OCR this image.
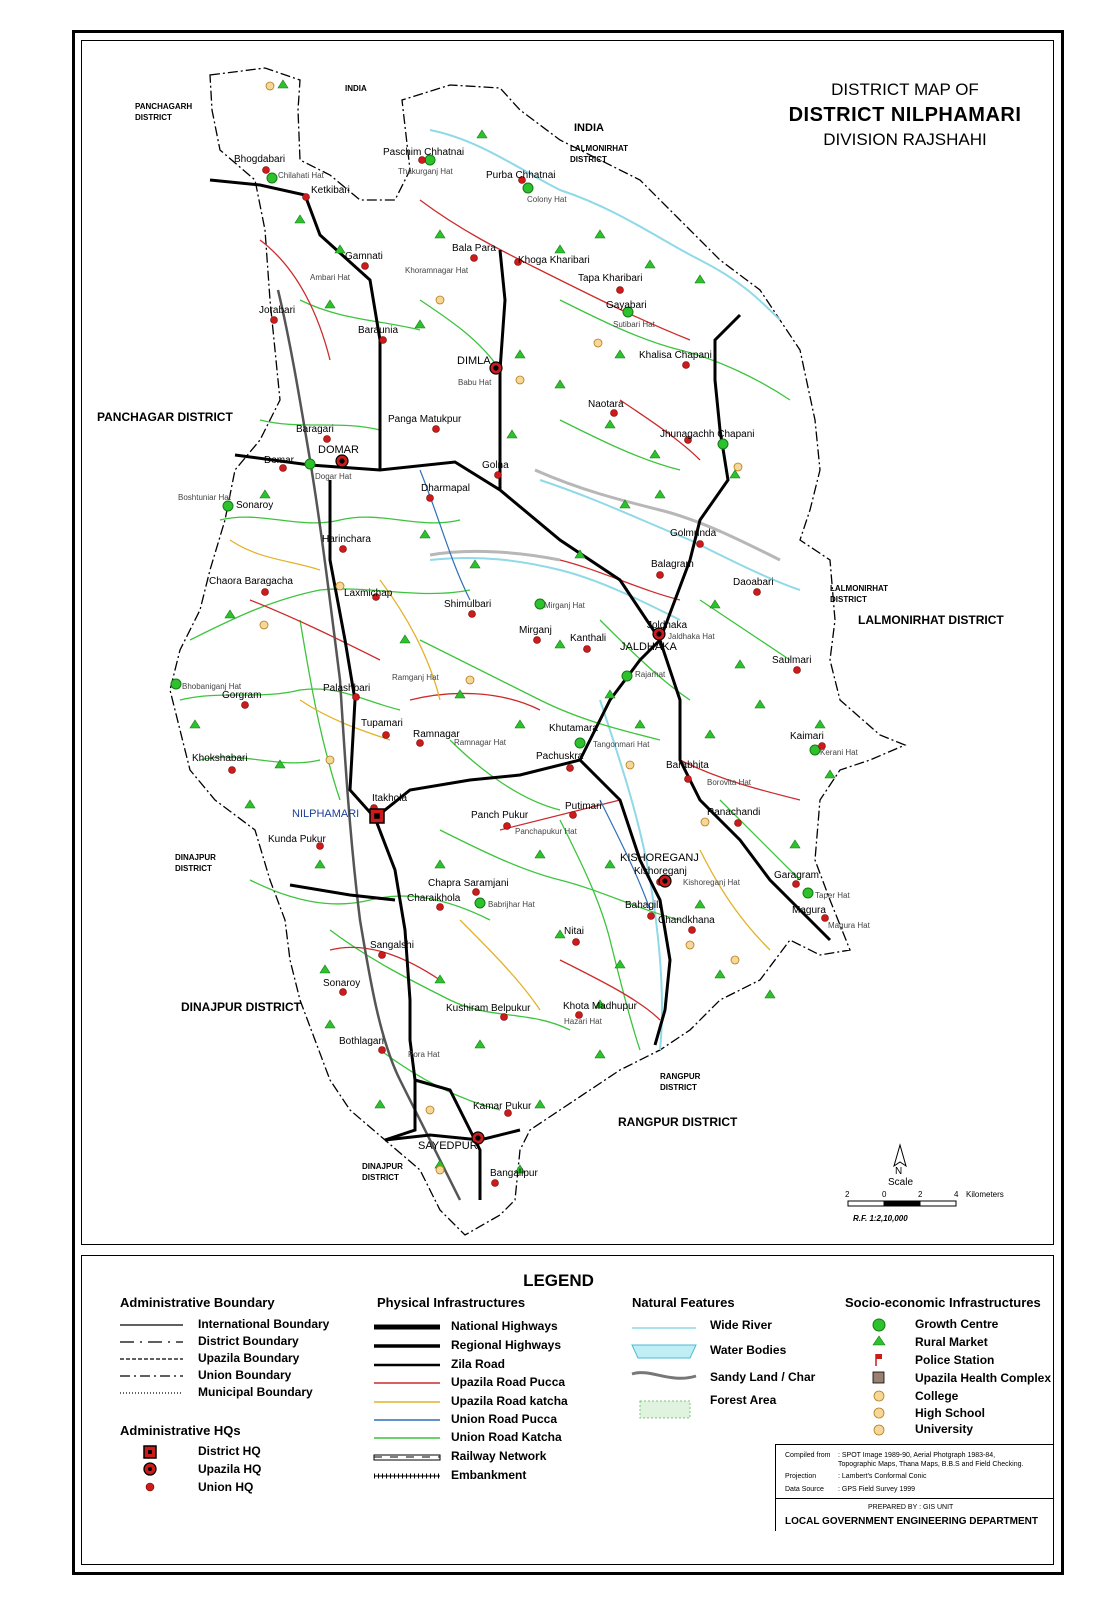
DISTRICT MAP OF
DISTRICT NILPHAMARI
DIVISION RAJSHAHI
INDIA
INDIA
PANCHAGARH
DISTRICT
LALMONIRHAT
DISTRICT
PANCHAGAR DISTRICT
LALMONIRHAT
DISTRICT
LALMONIRHAT DISTRICT
DINAJPUR
DISTRICT
DINAJPUR DISTRICT
RANGPUR
DISTRICT
RANGPUR DISTRICT
DINAJPUR
DISTRICT
DIMLA
DOMAR
NILPHAMARI
JALDHAKA
KISHOREGANJ
SAYEDPUR
Bhogdabari
Ketkibari
Paschim Chhatnai
Purba Chhatnai
Bala Para
Khoga Kharibari
Gamnati
Tapa Kharibari
Jorabari	Gayabari
Baraunia
Khalisa Chapani
Naotara
Panga Matukpur
Jhunagachh Chapani
Baragari
Domar	Golna
Dharmapal
Sonaroy
Harinchara
Golmunda
Balagram
Chaora Baragacha	Daoabari
Laxmichap
Shimulbari
Mirganj
Kanthali
Joldhaka
Saulmari
Palashbari
Gorgram
Tupamari
Ramnagar
Khutamara
Kaimari
Khokshabari	Pachuskra
Barabhita
Itakhola
Putimari
Panch Pukur	Ranachandi
Kunda Pukur
Kishoreganj	Garagram
Chapra Saramjani
Charaikhola
Bahagili	Magura
Chandkhana
Nitai
Sangalshi
Sonaroy
Kushiram Belpukur	Khota Madhupur
Bothlagari
Kamar Pukur
Bangalipur
Chilahati Hat	Thakurganj Hat
Colony Hat
Ambari Hat
Khoramnagar Hat
Sutibari Hat
Babu Hat
Dogar Hat
Boshtuniar Hat
Mirganj Hat
Jaldhaka Hat
Ramganj Hat
Bhobaniganj Hat
Rajarhat
Ramnagar Hat	Tangonmari Hat
Kerani Hat
Borovita Hat
Panchapukur Hat
Kishoreganj Hat
Taper Hat
Babrijhar Hat
Magura Hat
Hazari Hat
Pora Hat
N
Scale
2	0	2	4 Kilometers
R.F. 1:2,10,000
LEGEND
Administrative Boundary
International Boundary
District Boundary
Upazila Boundary
Union Boundary
Municipal Boundary
Administrative HQs
District HQ
Upazila HQ
Union HQ
Physical Infrastructures
National Highways
Regional Highways
Zila Road
Upazila Road Pucca
Upazila Road katcha
Union Road Pucca
Union Road Katcha
Railway Network
Embankment
Natural Features
Wide River
Water Bodies
Sandy Land / Char
Forest Area
Socio-economic Infrastructures
Growth Centre
Rural Market
Police Station
Upazila Health Complex
College
High School
University
Compiled from : SPOT Image 1989-90, Aerial Photgraph 1983-84,
Topographic Maps, Thana Maps, B.B.S and Field Checking.
Projection	: Lambert's Conformal Conic
Data Source : GPS Field Survey 1999
PREPARED BY : GIS UNIT
LOCAL GOVERNMENT ENGINEERING DEPARTMENT
